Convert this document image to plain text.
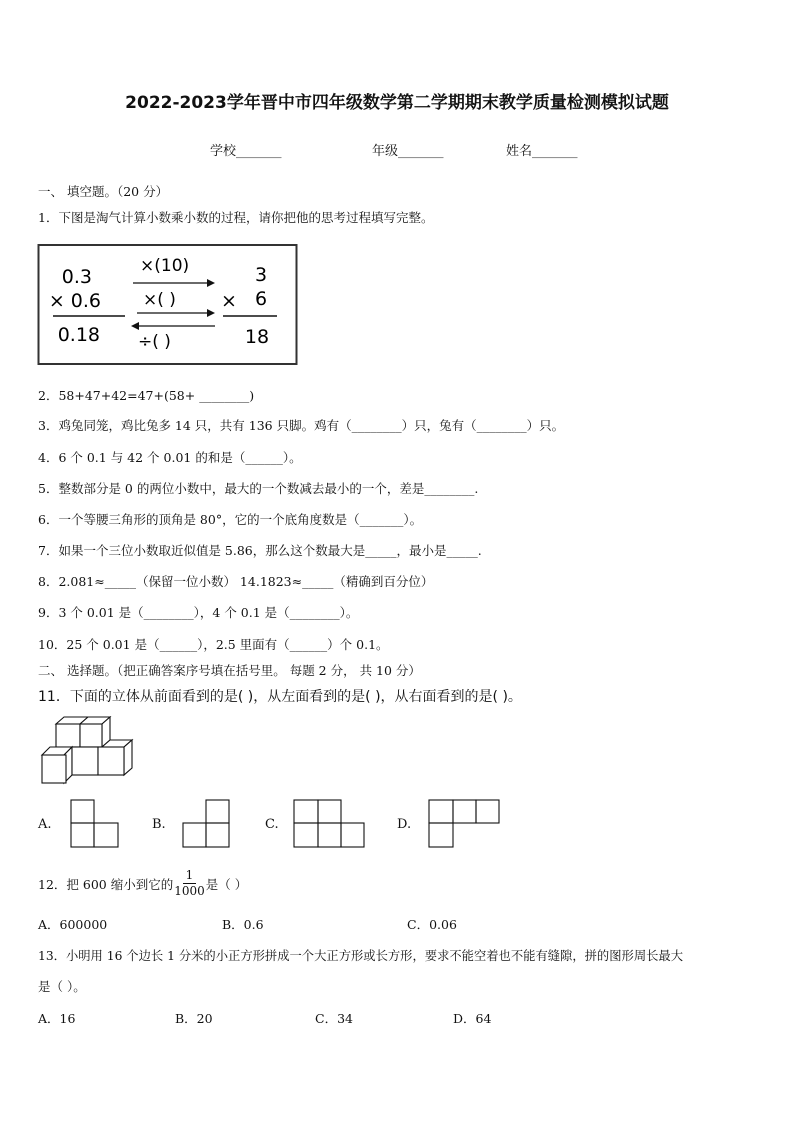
2022-2023学年晋中市四年级数学第二学期期末教学质量检测模拟试题
学校_______	年级_______	姓名_______
一、 填空题。（20 分）
1．下图是淘气计算小数乘小数的过程，请你把他的思考过程填写完整。
0.3
× 0.6
0.18
×(10)
×( )
÷( )
3
6
×
18
2．58+47+42=47+(58+ ________)
3．鸡兔同笼，鸡比兔多 14 只，共有 136 只脚。鸡有（________）只，兔有（________）只。
4．6 个 0.1 与 42 个 0.01 的和是（______）。
5．整数部分是 0 的两位小数中，最大的一个数减去最小的一个，差是________.
6．一个等腰三角形的顶角是 80°，它的一个底角度数是（_______）。
7．如果一个三位小数取近似值是 5.86，那么这个数最大是_____，最小是_____.
8．2.081≈_____（保留一位小数） 14.1823≈_____（精确到百分位）
9．3 个 0.01 是（________），4 个 0.1 是（________）。
10．25 个 0.01 是（______），2.5 里面有（______）个 0.1。
二、 选择题。（把正确答案序号填在括号里。 每题 2 分， 共 10 分）
11．下面的立体从前面看到的是( )，从左面看到的是( )，从右面看到的是( )。
A.	B.	C.	D.
12．把 600 缩小到它的 $\frac{1}{1000}$ 是（ ）
A．600000	B．0.6	C．0.06
13．小明用 16 个边长 1 分米的小正方形拼成一个大正方形或长方形，要求不能空着也不能有缝隙，拼的图形周长最大
是（ ）。
A．16	B．20	C．34	D．64
